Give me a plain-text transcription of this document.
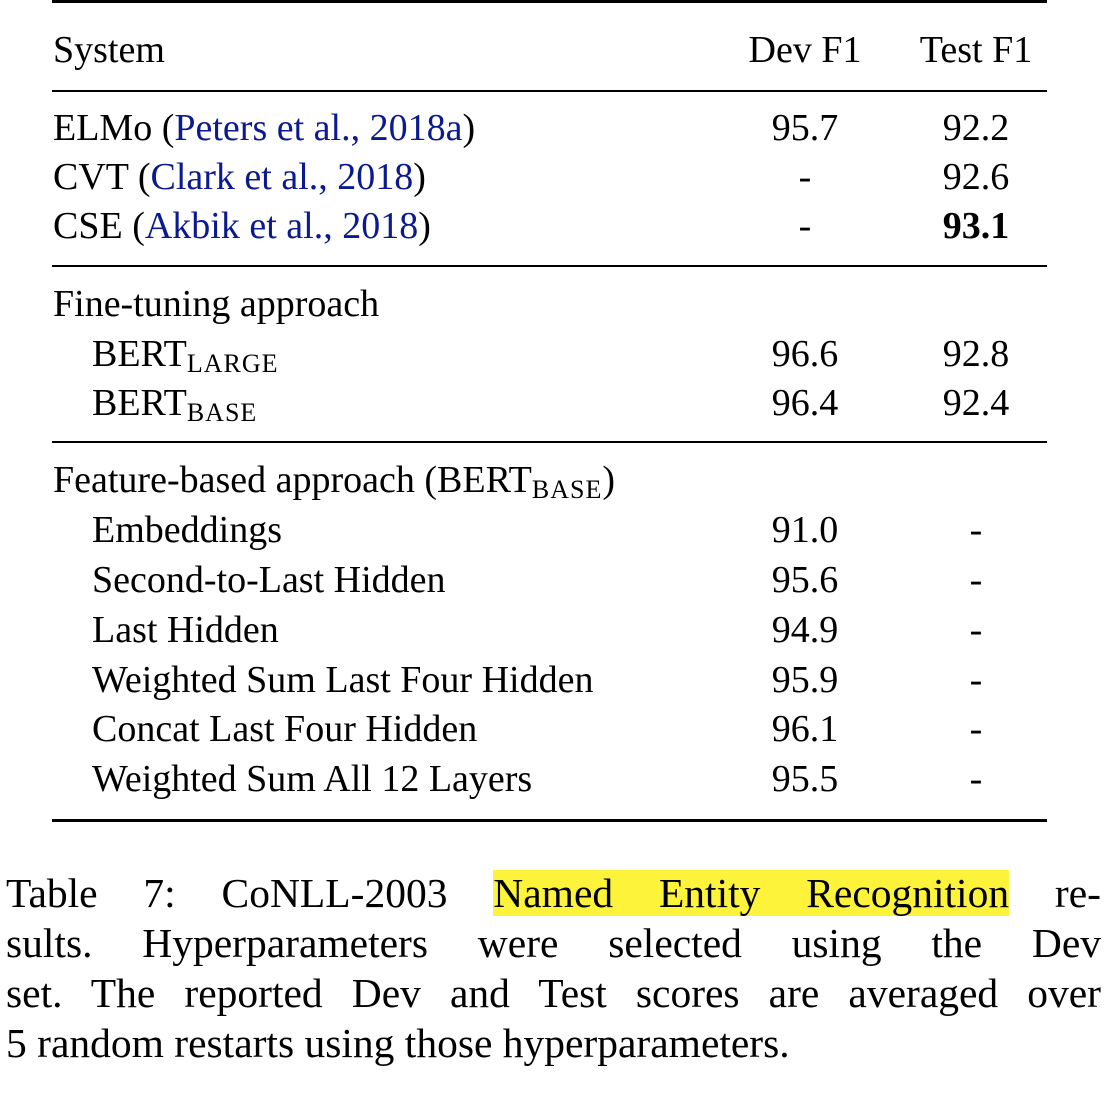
System	Dev F1	Test F1
ELMo (Peters et al., 2018a)	95.7	92.2
CVT (Clark et al., 2018)	-	92.6
CSE (Akbik et al., 2018)	-	93.1
Fine-tuning approach
$BERT_{LARGE}$	96.6	92.8
$BERT_{BASE}$	96.4	92.4
Feature-based approach $(BERT_{BASE})$
Embeddings	91.0	-
Second-to-Last Hidden	95.6	-
Last Hidden	94.9	-
Weighted Sum Last Four Hidden	95.9	-
Concat Last Four Hidden	96.1	-
Weighted Sum All 12 Layers	95.5	-

Table 7: CoNLL-2003 Named Entity Recognition re-

sults. Hyperparameters were selected using the Dev

set. The reported Dev and Test scores are averaged over

5 random restarts using those hyperparameters.
